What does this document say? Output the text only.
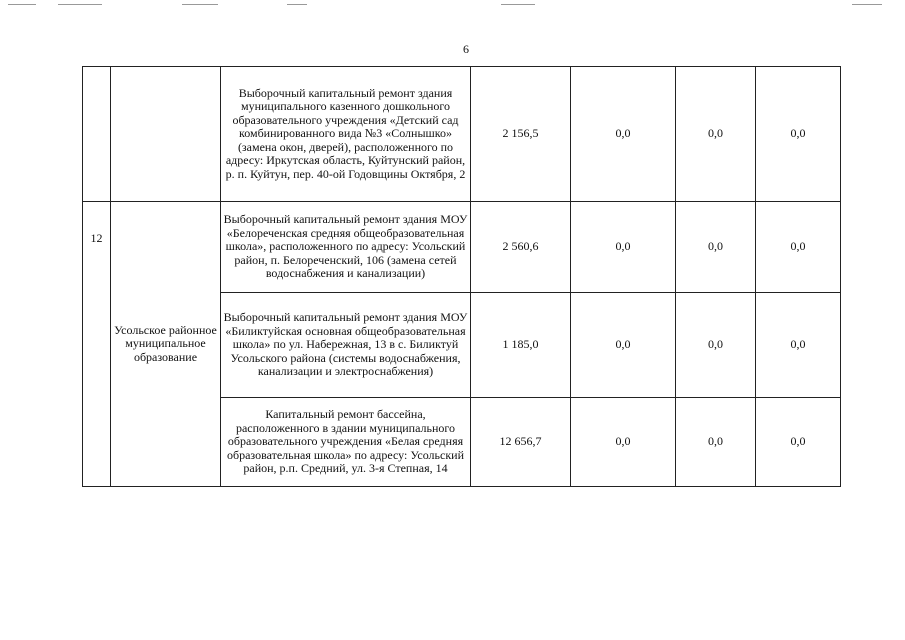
6
		Выборочный капитальный ремонт здания муниципального казенного дошкольного образовательного учреждения «Детский сад комбинированного вида №3 «Солнышко» (замена окон, дверей), расположенного по адресу: Иркутская область, Куйтунский район, р. п. Куйтун, пер. 40-ой Годовщины Октября, 2	2 156,5	0,0	0,0	0,0
12	Усольское районное муниципальное образование	Выборочный капитальный ремонт здания МОУ «Белореченская средняя общеобразовательная школа», расположенного по адресу: Усольский район, п. Белореченский, 106 (замена сетей водоснабжения и канализации)	2 560,6	0,0	0,0	0,0
		Выборочный капитальный ремонт здания МОУ «Биликтуйская основная общеобразовательная школа» по ул. Набережная, 13 в с. Биликтуй Усольского района (системы водоснабжения, канализации и электроснабжения)	1 185,0	0,0	0,0	0,0
		Капитальный ремонт бассейна, расположенного в здании муниципального образовательного учреждения «Белая средняя образовательная школа» по адресу: Усольский район, р.п. Средний, ул. 3-я Степная, 14	12 656,7	0,0	0,0	0,0
